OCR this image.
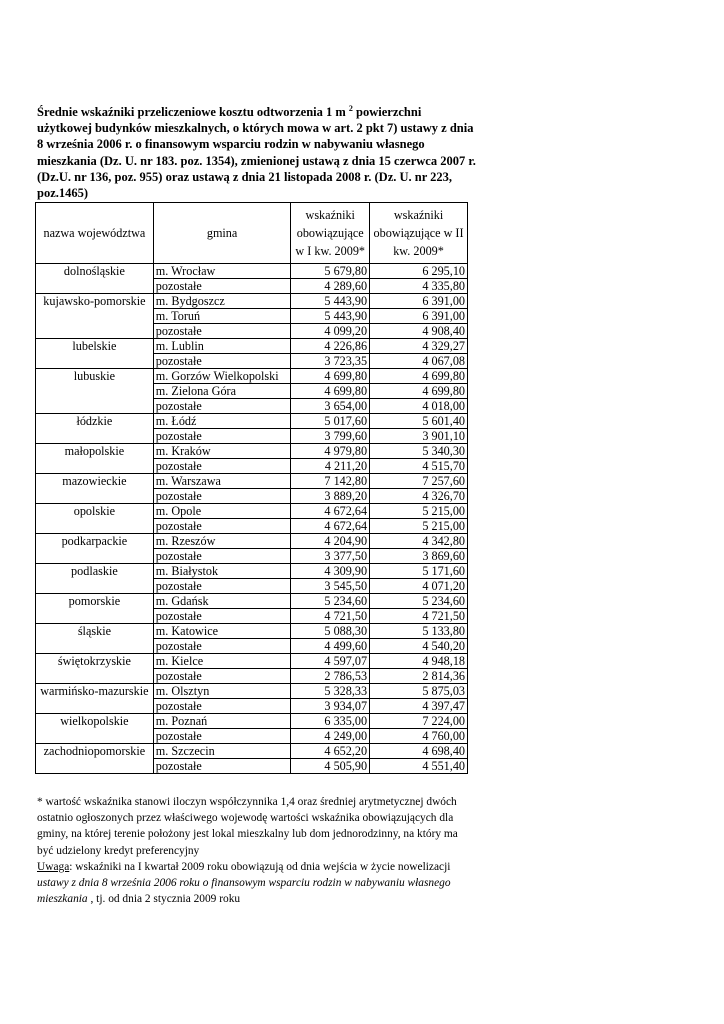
Średnie wskaźniki przeliczeniowe kosztu odtworzenia 1 m $^2$ powierzchni użytkowej budynków mieszkalnych, o których mowa w art. 2 pkt 7) ustawy z dnia 8 września 2006 r. o finansowym wsparciu rodzin w nabywaniu własnego mieszkania (Dz. U. nr 183. poz. 1354), zmienionej ustawą z dnia 15 czerwca 2007 r. (Dz.U. nr 136, poz. 955) oraz ustawą z dnia 21 listopada 2008 r. (Dz. U. nr 223, poz.1465)
nazwa województwa	gmina	wskaźniki obowiązujące w I kw. 2009*	wskaźniki obowiązujące w II kw. 2009*
dolnośląskie	m. Wrocław	5 679,80	6 295,10
	pozostałe	4 289,60	4 335,80
kujawsko-pomorskie	m. Bydgoszcz	5 443,90	6 391,00
	m. Toruń	5 443,90	6 391,00
	pozostałe	4 099,20	4 908,40
lubelskie	m. Lublin	4 226,86	4 329,27
	pozostałe	3 723,35	4 067,08
lubuskie	m. Gorzów Wielkopolski	4 699,80	4 699,80
	m. Zielona Góra	4 699,80	4 699,80
	pozostałe	3 654,00	4 018,00
łódzkie	m. Łódź	5 017,60	5 601,40
	pozostałe	3 799,60	3 901,10
małopolskie	m. Kraków	4 979,80	5 340,30
	pozostałe	4 211,20	4 515,70
mazowieckie	m. Warszawa	7 142,80	7 257,60
	pozostałe	3 889,20	4 326,70
opolskie	m. Opole	4 672,64	5 215,00
	pozostałe	4 672,64	5 215,00
podkarpackie	m. Rzeszów	4 204,90	4 342,80
	pozostałe	3 377,50	3 869,60
podlaskie	m. Białystok	4 309,90	5 171,60
	pozostałe	3 545,50	4 071,20
pomorskie	m. Gdańsk	5 234,60	5 234,60
	pozostałe	4 721,50	4 721,50
śląskie	m. Katowice	5 088,30	5 133,80
	pozostałe	4 499,60	4 540,20
świętokrzyskie	m. Kielce	4 597,07	4 948,18
	pozostałe	2 786,53	2 814,36
warmińsko-mazurskie	m. Olsztyn	5 328,33	5 875,03
	pozostałe	3 934,07	4 397,47
wielkopolskie	m. Poznań	6 335,00	7 224,00
	pozostałe	4 249,00	4 760,00
zachodniopomorskie	m. Szczecin	4 652,20	4 698,40
	pozostałe	4 505,90	4 551,40
* wartość wskaźnika stanowi iloczyn współczynnika 1,4 oraz średniej arytmetycznej dwóch ostatnio ogłoszonych przez właściwego wojewodę wartości wskaźnika obowiązujących dla gminy, na której terenie położony jest lokal mieszkalny lub dom jednorodzinny, na który ma być udzielony kredyt preferencyjny
Uwaga: wskaźniki na I kwartał 2009 roku obowiązują od dnia wejścia w życie nowelizacji ustawy z dnia 8 września 2006 roku o finansowym wsparciu rodzin w nabywaniu własnego mieszkania , tj. od dnia 2 stycznia 2009 roku
